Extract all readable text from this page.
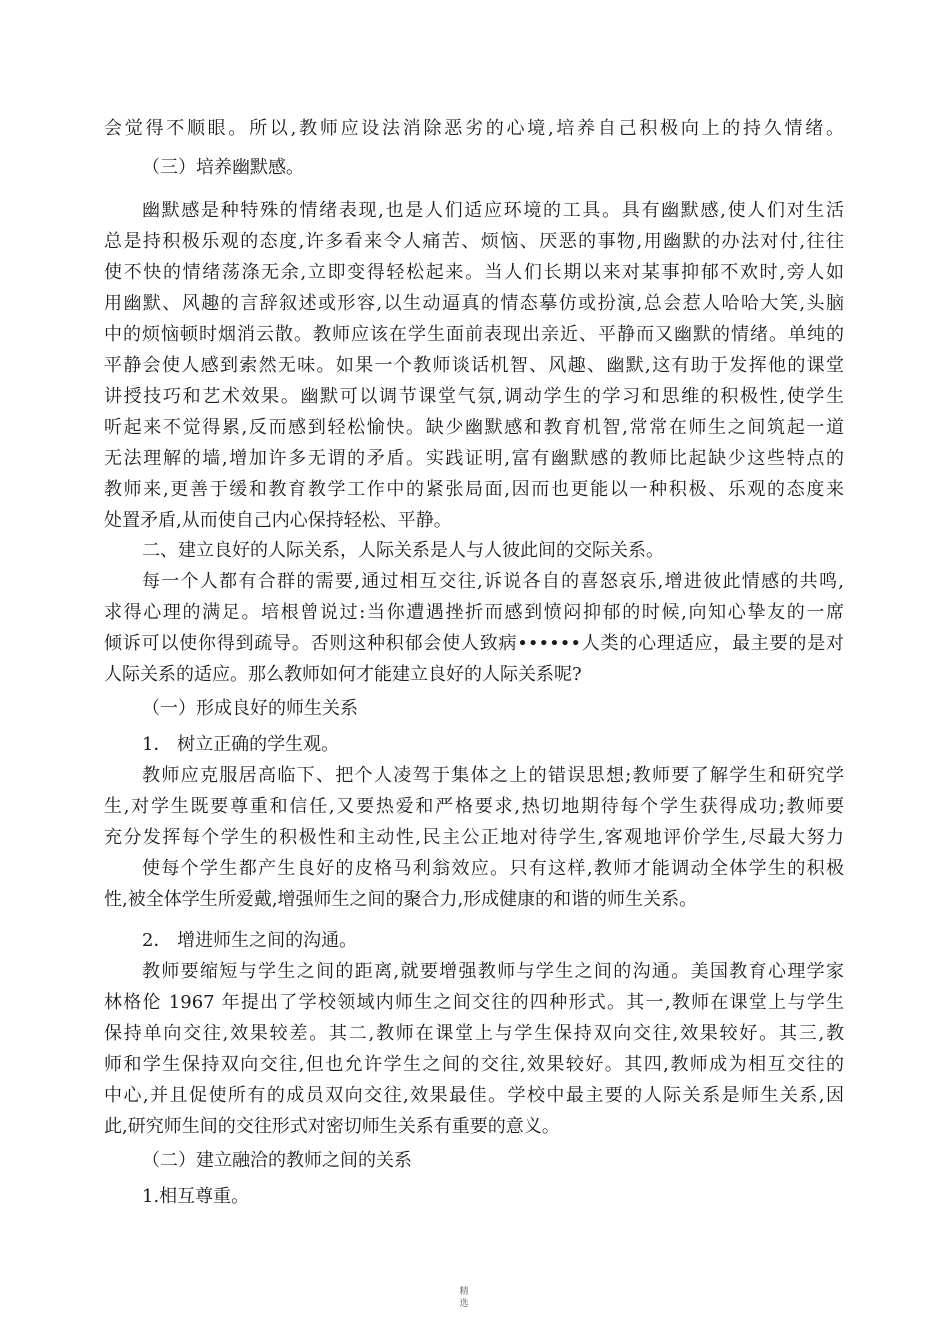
会觉得不顺眼。所以,教师应设法消除恶劣的心境,培养自己积极向上的持久情绪。
（三）培养幽默感。
幽默感是种特殊的情绪表现,也是人们适应环境的工具。具有幽默感,使人们对生活
总是持积极乐观的态度,许多看来令人痛苦、烦恼、厌恶的事物,用幽默的办法对付,往往
使不快的情绪荡涤无余,立即变得轻松起来。当人们长期以来对某事抑郁不欢时,旁人如
用幽默、风趣的言辞叙述或形容,以生动逼真的情态摹仿或扮演,总会惹人哈哈大笑,头脑
中的烦恼顿时烟消云散。教师应该在学生面前表现出亲近、平静而又幽默的情绪。单纯的
平静会使人感到索然无味。如果一个教师谈话机智、风趣、幽默,这有助于发挥他的课堂
讲授技巧和艺术效果。幽默可以调节课堂气氛,调动学生的学习和思维的积极性,使学生
听起来不觉得累,反而感到轻松愉快。缺少幽默感和教育机智,常常在师生之间筑起一道
无法理解的墙,增加许多无谓的矛盾。实践证明,富有幽默感的教师比起缺少这些特点的
教师来,更善于缓和教育教学工作中的紧张局面,因而也更能以一种积极、乐观的态度来
处置矛盾,从而使自己内心保持轻松、平静。
二、建立良好的人际关系，人际关系是人与人彼此间的交际关系。
每一个人都有合群的需要,通过相互交往,诉说各自的喜怒哀乐,增进彼此情感的共鸣,
求得心理的满足。培根曾说过:当你遭遇挫折而感到愤闷抑郁的时候,向知心挚友的一席
倾诉可以使你得到疏导。否则这种积郁会使人致病••••••人类的心理适应，最主要的是对
人际关系的适应。那么教师如何才能建立良好的人际关系呢?
（一）形成良好的师生关系
1． 树立正确的学生观。
教师应克服居高临下、把个人凌驾于集体之上的错误思想;教师要了解学生和研究学
生,对学生既要尊重和信任,又要热爱和严格要求,热切地期待每个学生获得成功;教师要
充分发挥每个学生的积极性和主动性,民主公正地对待学生,客观地评价学生,尽最大努力
使每个学生都产生良好的皮格马利翁效应。只有这样,教师才能调动全体学生的积极
性,被全体学生所爱戴,增强师生之间的聚合力,形成健康的和谐的师生关系。
2． 增进师生之间的沟通。
教师要缩短与学生之间的距离,就要增强教师与学生之间的沟通。美国教育心理学家
林格伦 1967 年提出了学校领域内师生之间交往的四种形式。其一,教师在课堂上与学生
保持单向交往,效果较差。其二,教师在课堂上与学生保持双向交往,效果较好。其三,教
师和学生保持双向交往,但也允许学生之间的交往,效果较好。其四,教师成为相互交往的
中心,并且促使所有的成员双向交往,效果最佳。学校中最主要的人际关系是师生关系,因
此,研究师生间的交往形式对密切师生关系有重要的意义。
（二）建立融洽的教师之间的关系
1.相互尊重。
精
选
